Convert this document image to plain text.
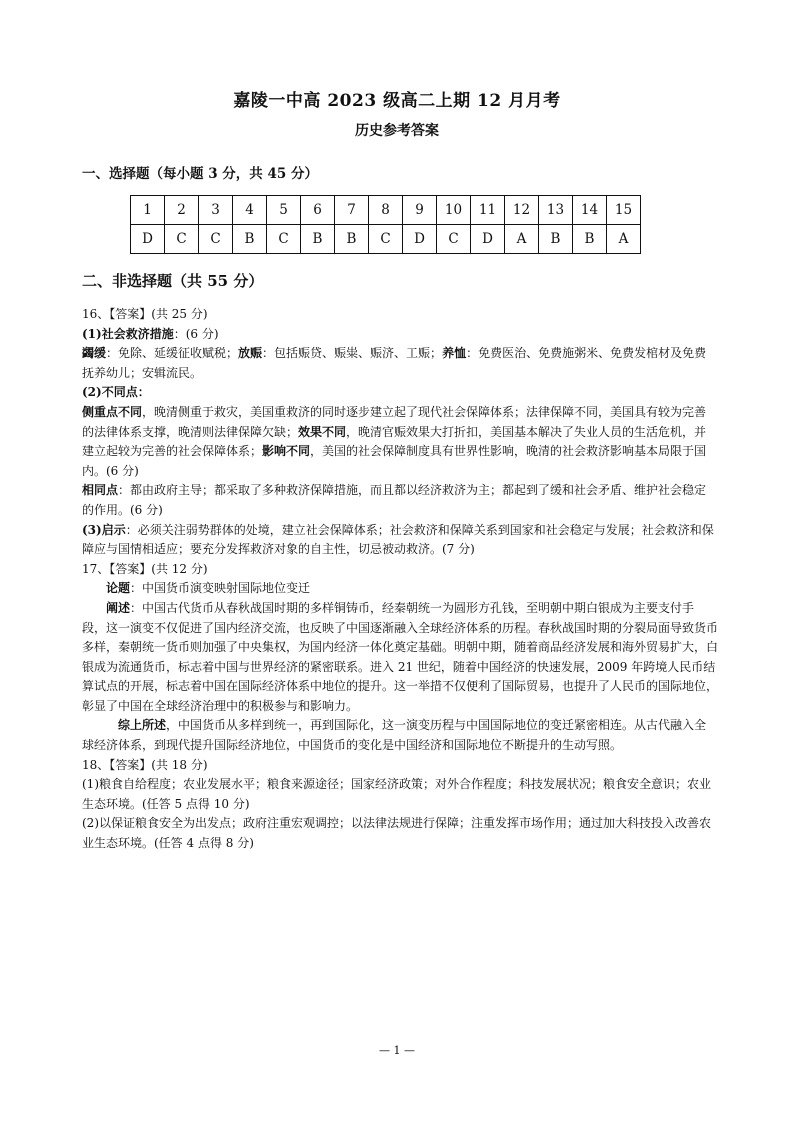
嘉陵一中高 2023 级高二上期 12 月月考
历史参考答案
一、选择题（每小题 3 分，共 45 分）
1	2	3	4	5	6	7	8	9	10	11	12	13	14	15
D	C	C	B	C	B	B	C	D	C	D	A	B	B	A
二、非选择题（共 55 分）

16、【答案】(共 25 分)

(1)社会救济措施：(6 分)

蠲缓：免除、延缓征收赋税；放赈：包括赈贷、赈粜、赈济、工赈；养恤：免费医治、免费施粥米、免费发棺材及免费抚养幼儿；安辑流民。

(2)不同点：

侧重点不同，晚清侧重于救灾，美国重救济的同时逐步建立起了现代社会保障体系；法律保障不同，美国具有较为完善的法律体系支撑，晚清则法律保障欠缺；效果不同，晚清官赈效果大打折扣，美国基本解决了失业人员的生活危机，并建立起较为完善的社会保障体系；影响不同，美国的社会保障制度具有世界性影响，晚清的社会救济影响基本局限于国内。(6 分)

相同点：都由政府主导；都采取了多种救济保障措施，而且都以经济救济为主；都起到了缓和社会矛盾、维护社会稳定的作用。(6 分)

(3)启示：必须关注弱势群体的处境，建立社会保障体系；社会救济和保障关系到国家和社会稳定与发展；社会救济和保障应与国情相适应；要充分发挥救济对象的自主性，切忌被动救济。(7 分)

17、【答案】(共 12 分)

论题：中国货币演变映射国际地位变迁

阐述：中国古代货币从春秋战国时期的多样铜铸币，经秦朝统一为圆形方孔钱，至明朝中期白银成为主要支付手段，这一演变不仅促进了国内经济交流，也反映了中国逐渐融入全球经济体系的历程。春秋战国时期的分裂局面导致货币多样，秦朝统一货币则加强了中央集权，为国内经济一体化奠定基础。明朝中期，随着商品经济发展和海外贸易扩大，白银成为流通货币，标志着中国与世界经济的紧密联系。进入 21 世纪，随着中国经济的快速发展，2009 年跨境人民币结算试点的开展，标志着中国在国际经济体系中地位的提升。这一举措不仅便利了国际贸易，也提升了人民币的国际地位，彰显了中国在全球经济治理中的积极参与和影响力。

综上所述，中国货币从多样到统一，再到国际化，这一演变历程与中国国际地位的变迁紧密相连。从古代融入全球经济体系，到现代提升国际经济地位，中国货币的变化是中国经济和国际地位不断提升的生动写照。

18、【答案】(共 18 分)

(1)粮食自给程度；农业发展水平；粮食来源途径；国家经济政策；对外合作程度；科技发展状况；粮食安全意识；农业生态环境。(任答 5 点得 10 分)

(2)以保证粮食安全为出发点；政府注重宏观调控；以法律法规进行保障；注重发挥市场作用；通过加大科技投入改善农业生态环境。(任答 4 点得 8 分)

— 1 —
